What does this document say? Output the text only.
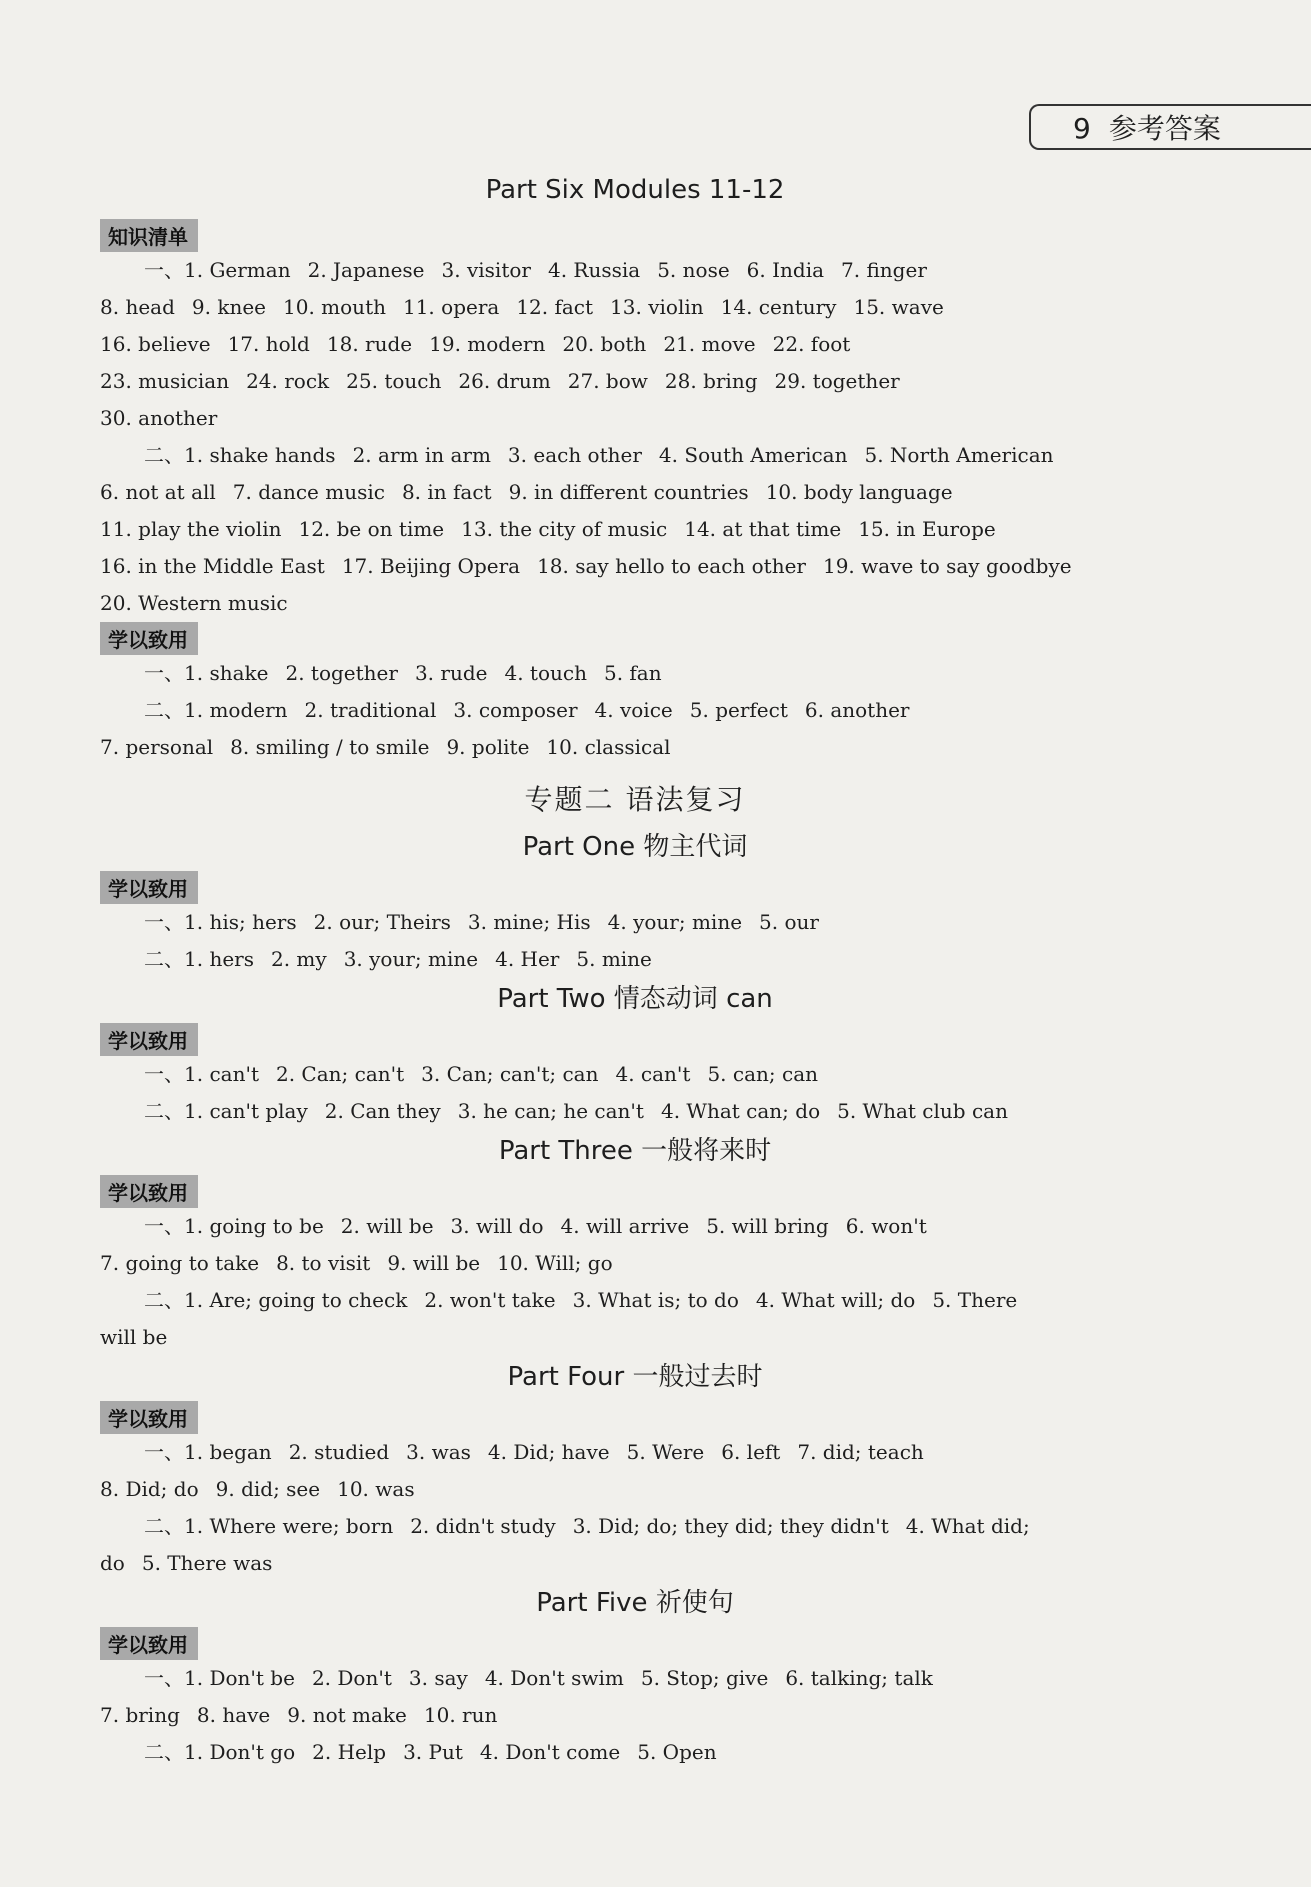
9 参考答案
Part Six Modules 11-12
知识清单
一、1. German 2. Japanese 3. visitor 4. Russia 5. nose 6. India 7. finger
8. head 9. knee 10. mouth 11. opera 12. fact 13. violin 14. century 15. wave
16. believe 17. hold 18. rude 19. modern 20. both 21. move 22. foot
23. musician 24. rock 25. touch 26. drum 27. bow 28. bring 29. together
30. another
二、1. shake hands 2. arm in arm 3. each other 4. South American 5. North American
6. not at all 7. dance music 8. in fact 9. in different countries 10. body language
11. play the violin 12. be on time 13. the city of music 14. at that time 15. in Europe
16. in the Middle East 17. Beijing Opera 18. say hello to each other 19. wave to say goodbye
20. Western music
学以致用
一、1. shake 2. together 3. rude 4. touch 5. fan
二、1. modern 2. traditional 3. composer 4. voice 5. perfect 6. another
7. personal 8. smiling / to smile 9. polite 10. classical
专题二 语法复习
Part One 物主代词
学以致用
一、1. his; hers 2. our; Theirs 3. mine; His 4. your; mine 5. our
二、1. hers 2. my 3. your; mine 4. Her 5. mine
Part Two 情态动词 can
学以致用
一、1. can't 2. Can; can't 3. Can; can't; can 4. can't 5. can; can
二、1. can't play 2. Can they 3. he can; he can't 4. What can; do 5. What club can
Part Three 一般将来时
学以致用
一、1. going to be 2. will be 3. will do 4. will arrive 5. will bring 6. won't
7. going to take 8. to visit 9. will be 10. Will; go
二、1. Are; going to check 2. won't take 3. What is; to do 4. What will; do 5. There
will be
Part Four 一般过去时
学以致用
一、1. began 2. studied 3. was 4. Did; have 5. Were 6. left 7. did; teach
8. Did; do 9. did; see 10. was
二、1. Where were; born 2. didn't study 3. Did; do; they did; they didn't 4. What did;
do 5. There was
Part Five 祈使句
学以致用
一、1. Don't be 2. Don't 3. say 4. Don't swim 5. Stop; give 6. talking; talk
7. bring 8. have 9. not make 10. run
二、1. Don't go 2. Help 3. Put 4. Don't come 5. Open
